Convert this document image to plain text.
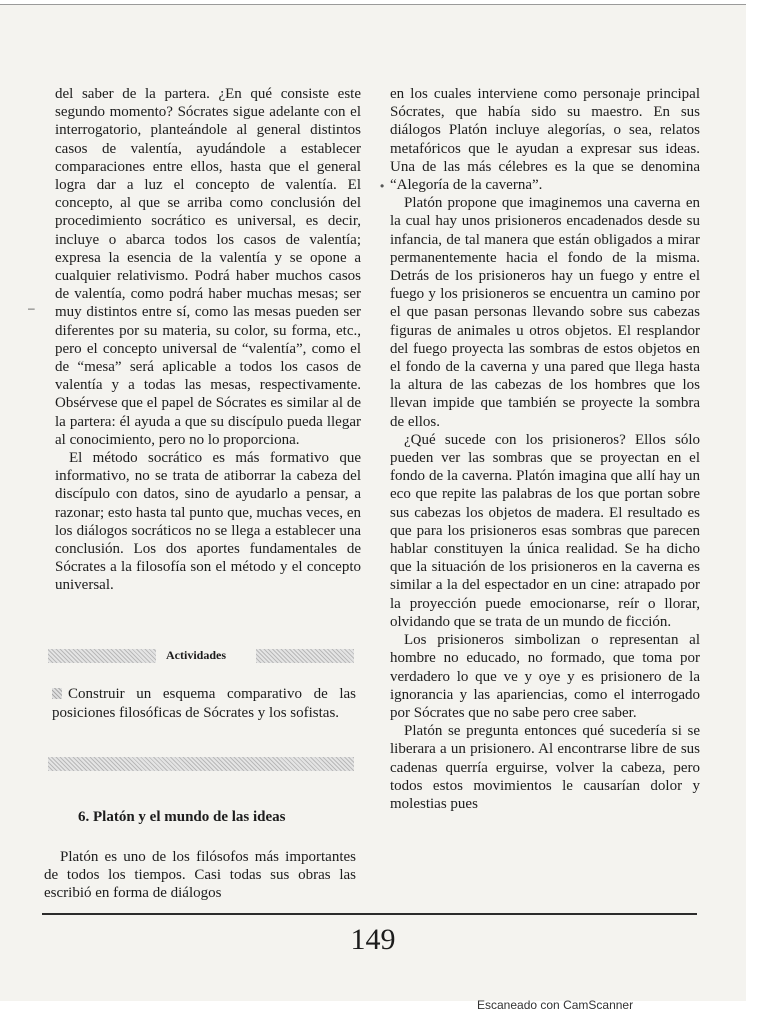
del saber de la partera. ¿En qué consiste este segundo momento? Sócrates sigue adelante con el interrogatorio, planteándole al general distintos casos de valentía, ayudándole a establecer comparaciones entre ellos, hasta que el general logra dar a luz el concepto de valentía. El concepto, al que se arriba como conclusión del procedimiento socrático es universal, es decir, incluye o abarca todos los casos de valentía; expresa la esencia de la valentía y se opone a cualquier relativismo. Podrá haber muchos casos de valentía, como podrá haber muchas mesas; ser muy distintos entre sí, como las mesas pueden ser diferentes por su materia, su color, su forma, etc., pero el concepto universal de “valentía”, como el de “mesa” será aplicable a todos los casos de valentía y a todas las mesas, respectivamente. Obsérvese que el papel de Sócrates es similar al de la partera: él ayuda a que su discípulo pueda llegar al conocimiento, pero no lo proporciona.

El método socrático es más formativo que informativo, no se trata de atiborrar la cabeza del discípulo con datos, sino de ayudarlo a pensar, a razonar; esto hasta tal punto que, muchas veces, en los diálogos socráticos no se llega a establecer una conclusión. Los dos aportes fundamentales de Sócrates a la filosofía son el método y el concepto universal.

Actividades
Construir un esquema comparativo de las posiciones filosóficas de Sócrates y los sofistas.
6. Platón y el mundo de las ideas
Platón es uno de los filósofos más importantes de todos los tiempos. Casi todas sus obras las escribió en forma de diálogos

en los cuales interviene como personaje principal Sócrates, que había sido su maestro. En sus diálogos Platón incluye alegorías, o sea, relatos metafóricos que le ayudan a expresar sus ideas. Una de las más célebres es la que se denomina “Alegoría de la caverna”.

Platón propone que imaginemos una caverna en la cual hay unos prisioneros encadenados desde su infancia, de tal manera que están obligados a mirar permanentemente hacia el fondo de la misma. Detrás de los prisioneros hay un fuego y entre el fuego y los prisioneros se encuentra un camino por el que pasan personas llevando sobre sus cabezas figuras de animales u otros objetos. El resplandor del fuego proyecta las sombras de estos objetos en el fondo de la caverna y una pared que llega hasta la altura de las cabezas de los hombres que los llevan impide que también se proyecte la sombra de ellos.

¿Qué sucede con los prisioneros? Ellos sólo pueden ver las sombras que se proyectan en el fondo de la caverna. Platón imagina que allí hay un eco que repite las palabras de los que portan sobre sus cabezas los objetos de madera. El resultado es que para los prisioneros esas sombras que parecen hablar constituyen la única realidad. Se ha dicho que la situación de los prisioneros en la caverna es similar a la del espectador en un cine: atrapado por la proyección puede emocionarse, reír o llorar, olvidando que se trata de un mundo de ficción.

Los prisioneros simbolizan o representan al hombre no educado, no formado, que toma por verdadero lo que ve y oye y es prisionero de la ignorancia y las apariencias, como el interrogado por Sócrates que no sabe pero cree saber.

Platón se pregunta entonces qué sucedería si se liberara a un prisionero. Al encontrarse libre de sus cadenas querría erguirse, volver la cabeza, pero todos estos movimientos le causarían dolor y molestias pues

–
•
149
Escaneado con CamScanner
